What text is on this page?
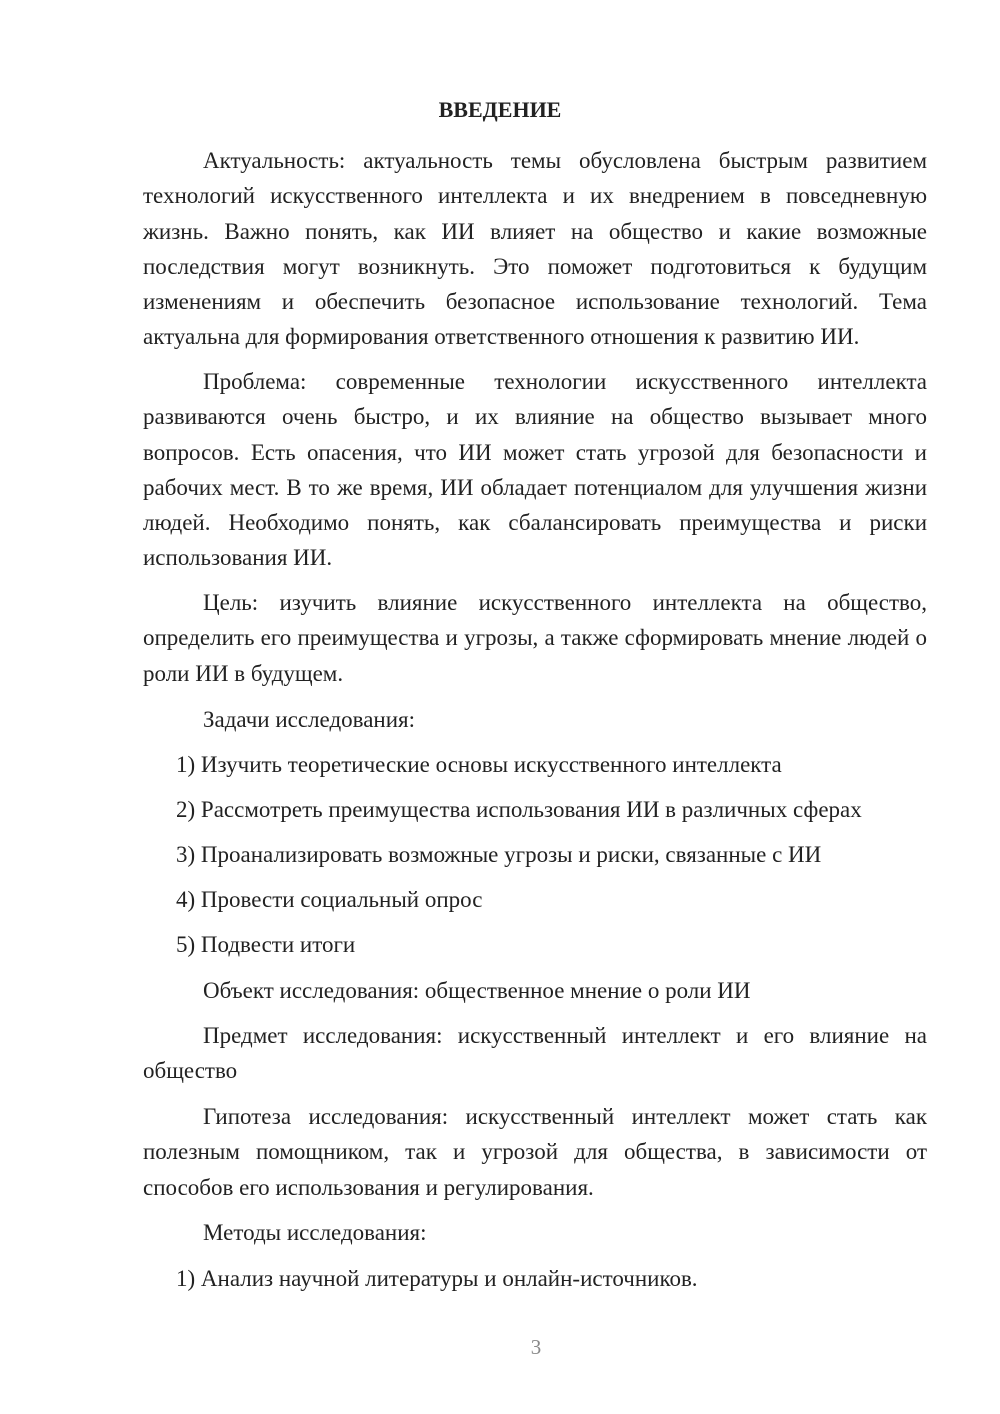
ВВЕДЕНИЕ

Актуальность: актуальность темы обусловлена быстрым развитием технологий искусственного интеллекта и их внедрением в повседневную жизнь. Важно понять, как ИИ влияет на общество и какие возможные последствия могут возникнуть. Это поможет подготовиться к будущим изменениям и обеспечить безопасное использование технологий. Тема актуальна для формирования ответственного отношения к развитию ИИ.

Проблема: современные технологии искусственного интеллекта развиваются очень быстро, и их влияние на общество вызывает много вопросов. Есть опасения, что ИИ может стать угрозой для безопасности и рабочих мест. В то же время, ИИ обладает потенциалом для улучшения жизни людей. Необходимо понять, как сбалансировать преимущества и риски использования ИИ.

Цель: изучить влияние искусственного интеллекта на общество, определить его преимущества и угрозы, а также сформировать мнение людей о роли ИИ в будущем.

Задачи исследования:

1) Изучить теоретические основы искусственного интеллекта

2) Рассмотреть преимущества использования ИИ в различных сферах

3) Проанализировать возможные угрозы и риски, связанные с ИИ

4) Провести социальный опрос

5) Подвести итоги

Объект исследования: общественное мнение о роли ИИ

Предмет исследования: искусственный интеллект и его влияние на общество

Гипотеза исследования: искусственный интеллект может стать как полезным помощником, так и угрозой для общества, в зависимости от способов его использования и регулирования.

Методы исследования:

1) Анализ научной литературы и онлайн-источников.

3
